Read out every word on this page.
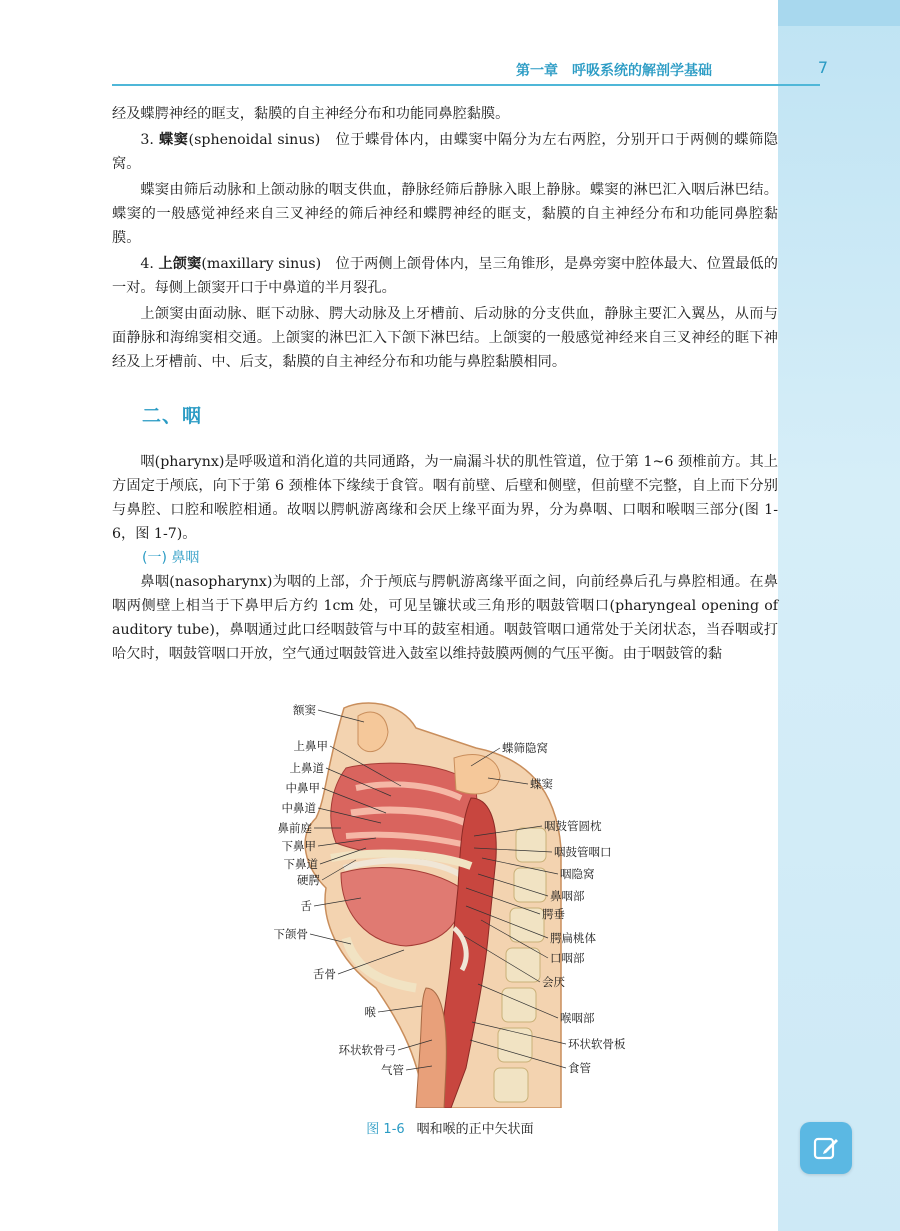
第一章　呼吸系统的解剖学基础	7

经及蝶腭神经的眶支，黏膜的自主神经分布和功能同鼻腔黏膜。

3. 蝶窦(sphenoidal sinus)　位于蝶骨体内，由蝶窦中隔分为左右两腔，分别开口于两侧的蝶筛隐窝。

蝶窦由筛后动脉和上颌动脉的咽支供血，静脉经筛后静脉入眼上静脉。蝶窦的淋巴汇入咽后淋巴结。蝶窦的一般感觉神经来自三叉神经的筛后神经和蝶腭神经的眶支，黏膜的自主神经分布和功能同鼻腔黏膜。

4. 上颌窦(maxillary sinus)　位于两侧上颌骨体内，呈三角锥形，是鼻旁窦中腔体最大、位置最低的一对。每侧上颌窦开口于中鼻道的半月裂孔。

上颌窦由面动脉、眶下动脉、腭大动脉及上牙槽前、后动脉的分支供血，静脉主要汇入翼丛，从而与面静脉和海绵窦相交通。上颌窦的淋巴汇入下颌下淋巴结。上颌窦的一般感觉神经来自三叉神经的眶下神经及上牙槽前、中、后支，黏膜的自主神经分布和功能与鼻腔黏膜相同。

二、咽

咽(pharynx)是呼吸道和消化道的共同通路，为一扁漏斗状的肌性管道，位于第 1~6 颈椎前方。其上方固定于颅底，向下于第 6 颈椎体下缘续于食管。咽有前壁、后壁和侧壁，但前壁不完整，自上而下分别与鼻腔、口腔和喉腔相通。故咽以腭帆游离缘和会厌上缘平面为界，分为鼻咽、口咽和喉咽三部分(图 1-6，图 1-7)。

(一) 鼻咽

鼻咽(nasopharynx)为咽的上部，介于颅底与腭帆游离缘平面之间，向前经鼻后孔与鼻腔相通。在鼻咽两侧壁上相当于下鼻甲后方约 1cm 处，可见呈镰状或三角形的咽鼓管咽口(pharyngeal opening of auditory tube)，鼻咽通过此口经咽鼓管与中耳的鼓室相通。咽鼓管咽口通常处于关闭状态，当吞咽或打哈欠时，咽鼓管咽口开放，空气通过咽鼓管进入鼓室以维持鼓膜两侧的气压平衡。由于咽鼓管的黏

额窦
上鼻甲
上鼻道
中鼻甲
中鼻道
鼻前庭
下鼻甲
下鼻道
硬腭
舌
下颌骨
舌骨
喉
环状软骨弓
气管
蝶筛隐窝
蝶窦
咽鼓管圆枕
咽鼓管咽口
咽隐窝
鼻咽部
腭垂
腭扁桃体
口咽部
会厌
喉咽部
环状软骨板
食管
图 1-6 咽和喉的正中矢状面
